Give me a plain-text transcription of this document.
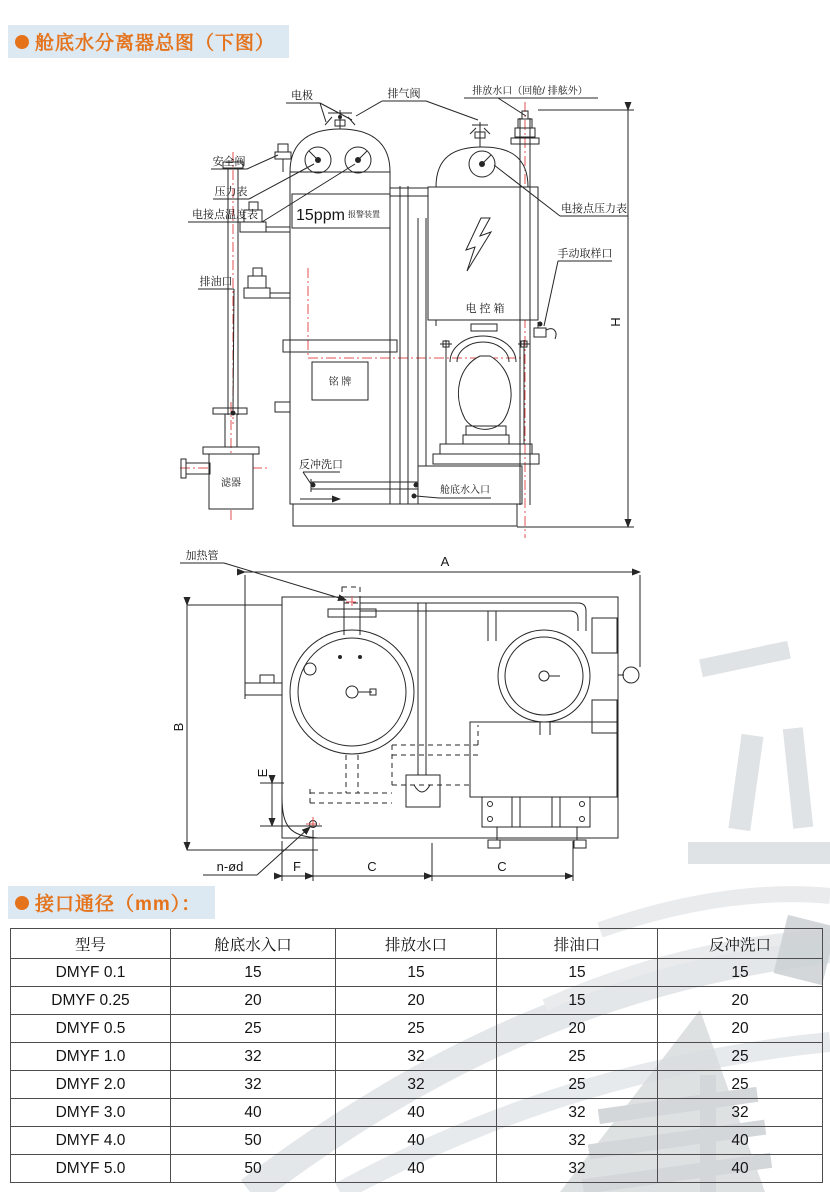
舱底水分离器总图（下图）
电 控 箱
滤器
H
电极	排气阀	排放水口（回舱/ 排舷外）
安全阀
压力表
电接点温度表
排油口
电接点压力表
手动取样口
反冲洗口
舱底水入口
15ppm 报警装置
铭 牌
A
B
E
n-ød	F	C	C
加热管
接口通径（mm）：
型号	舱底水入口	排放水口	排油口	反冲洗口
DMYF 0.1	15	15	15	15
DMYF 0.25	20	20	15	20
DMYF 0.5	25	25	20	20
DMYF 1.0	32	32	25	25
DMYF 2.0	32	32	25	25
DMYF 3.0	40	40	32	32
DMYF 4.0	50	40	32	40
DMYF 5.0	50	40	32	40
